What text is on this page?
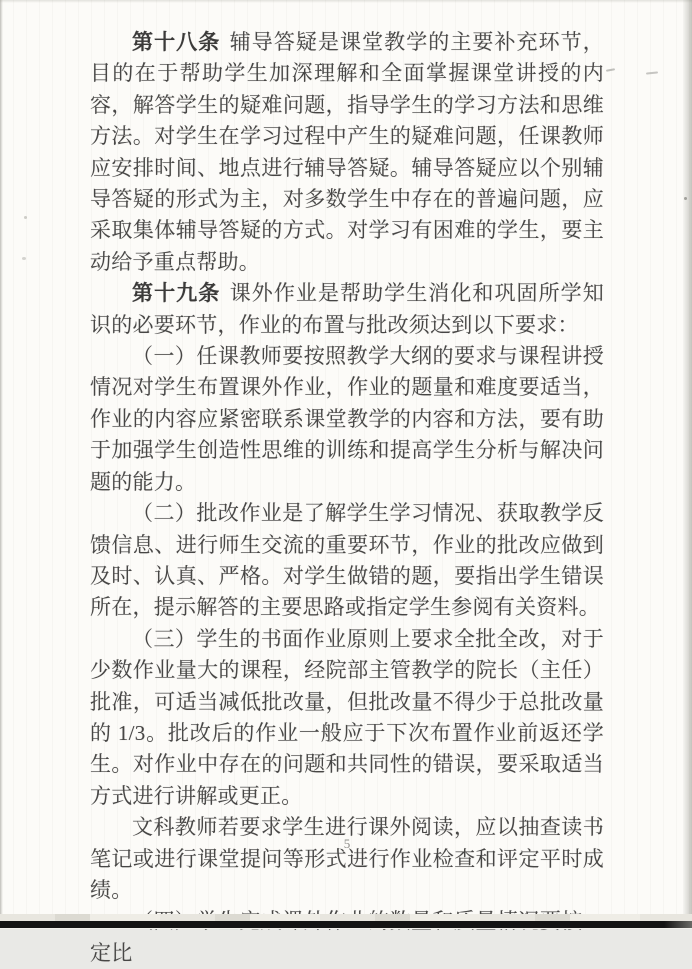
第十八条 辅导答疑是课堂教学的主要补充环节，目的在于帮助学生加深理解和全面掌握课堂讲授的内容，解答学生的疑难问题，指导学生的学习方法和思维方法。对学生在学习过程中产生的疑难问题，任课教师应安排时间、地点进行辅导答疑。辅导答疑应以个别辅导答疑的形式为主，对多数学生中存在的普遍问题，应采取集体辅导答疑的方式。对学习有困难的学生，要主动给予重点帮助。

第十九条 课外作业是帮助学生消化和巩固所学知识的必要环节，作业的布置与批改须达到以下要求：

（一）任课教师要按照教学大纲的要求与课程讲授情况对学生布置课外作业，作业的题量和难度要适当，作业的内容应紧密联系课堂教学的内容和方法，要有助于加强学生创造性思维的训练和提高学生分析与解决问题的能力。

（二）批改作业是了解学生学习情况、获取教学反馈信息、进行师生交流的重要环节，作业的批改应做到及时、认真、严格。对学生做错的题，要指出学生错误所在，提示解答的主要思路或指定学生参阅有关资料。

（三）学生的书面作业原则上要求全批全改，对于少数作业量大的课程，经院部主管教学的院长（主任）批准，可适当减低批改量，但批改量不得少于总批改量的 1/3。批改后的作业一般应于下次布置作业前返还学生。对作业中存在的问题和共同性的错误，要采取适当方式进行讲解或更正。

文科教师若要求学生进行课外阅读，应以抽查读书笔记或进行课堂提问等形式进行作业检查和评定平时成绩。

定比

5
